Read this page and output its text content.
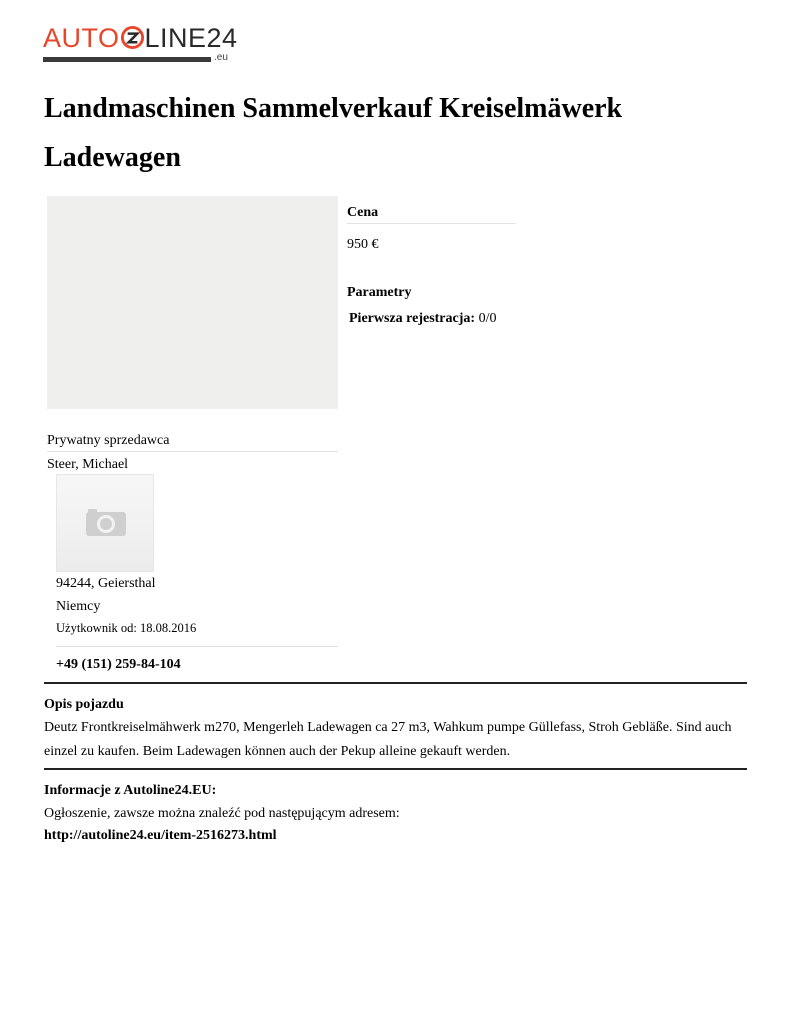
AUTO LINE24
.eu
Landmaschinen Sammelverkauf Kreiselmäwerk Ladewagen
Cena
950 €
Parametry
Pierwsza rejestracja: 0/0
Prywatny sprzedawca
Steer, Michael
94244, Geiersthal
Niemcy
Użytkownik od: 18.08.2016
+49 (151) 259-84-104
Opis pojazdu
Deutz Frontkreiselmähwerk m270, Mengerleh Ladewagen ca 27 m3, Wahkum pumpe Güllefass, Stroh Gebläße. Sind auch einzel zu kaufen. Beim Ladewagen können auch der Pekup alleine gekauft werden.
Informacje z Autoline24.EU:
Ogłoszenie, zawsze można znaleźć pod następującym adresem:
http://autoline24.eu/item-2516273.html
